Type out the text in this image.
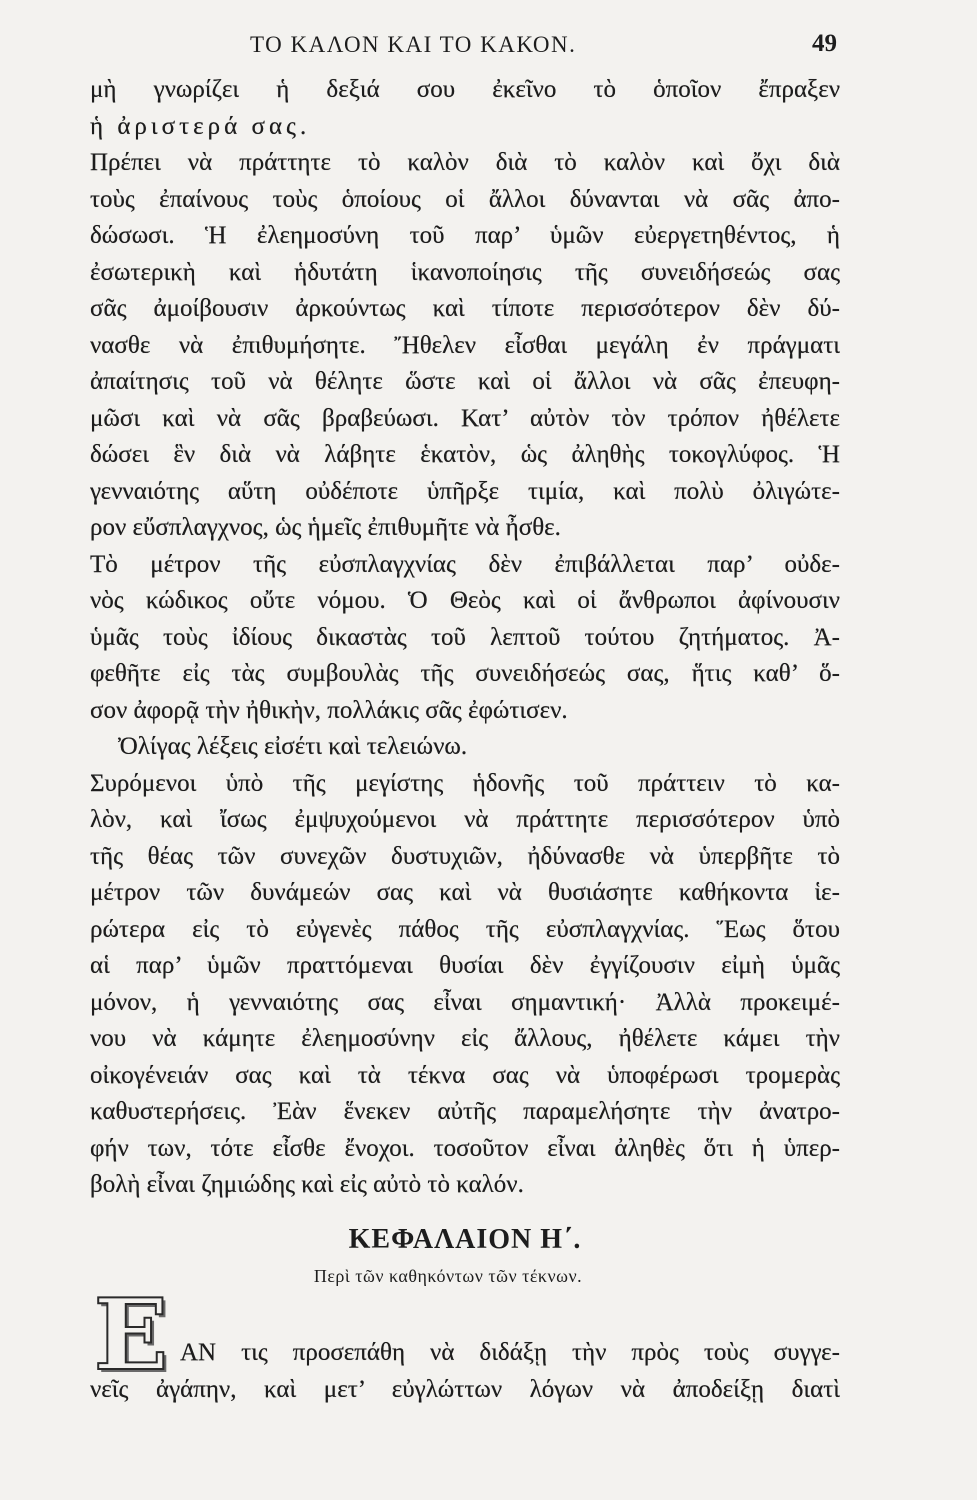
ΤΟ ΚΑΛΟΝ ΚΑΙ ΤΟ ΚΑΚΟΝ.	49
μὴ γνωρίζει ἡ δεξιά σου ἐκεῖνο τὸ ὁποῖον ἔπραξεν
ἡ ἀριστερά σας.
Πρέπει νὰ πράττητε τὸ καλὸν διὰ τὸ καλὸν καὶ ὄχι διὰ
τοὺς ἐπαίνους τοὺς ὁποίους οἱ ἄλλοι δύνανται νὰ σᾶς ἀπο-
δώσωσι. Ἡ ἐλεημοσύνη τοῦ παρ’ ὑμῶν εὐεργετηθέντος, ἡ
ἐσωτερικὴ καὶ ἡδυτάτη ἱκανοποίησις τῆς συνειδήσεώς σας
σᾶς ἀμοίβουσιν ἀρκούντως καὶ τίποτε περισσότερον δὲν δύ-
νασθε νὰ ἐπιθυμήσητε. Ἤθελεν εἶσθαι μεγάλη ἐν πράγματι
ἀπαίτησις τοῦ νὰ θέλητε ὥστε καὶ οἱ ἄλλοι νὰ σᾶς ἐπευφη-
μῶσι καὶ νὰ σᾶς βραβεύωσι. Κατ’ αὐτὸν τὸν τρόπον ἠθέλετε
δώσει ἓν διὰ νὰ λάβητε ἑκατὸν, ὡς ἀληθὴς τοκογλύφος. Ἡ
γενναιότης αὕτη οὐδέποτε ὑπῆρξε τιμία, καὶ πολὺ ὀλιγώτε-
ρον εὔσπλαγχνος, ὡς ἡμεῖς ἐπιθυμῆτε νὰ ἦσθε.
Τὸ μέτρον τῆς εὐσπλαγχνίας δὲν ἐπιβάλλεται παρ’ οὐδε-
νὸς κώδικος οὔτε νόμου. Ὁ Θεὸς καὶ οἱ ἄνθρωποι ἀφίνουσιν
ὑμᾶς τοὺς ἰδίους δικαστὰς τοῦ λεπτοῦ τούτου ζητήματος. Ἀ-
φεθῆτε εἰς τὰς συμβουλὰς τῆς συνειδήσεώς σας, ἥτις καθ’ ὅ-
σον ἀφορᾷ τὴν ἠθικὴν, πολλάκις σᾶς ἐφώτισεν.
Ὀλίγας λέξεις εἰσέτι καὶ τελειώνω.
Συρόμενοι ὑπὸ τῆς μεγίστης ἡδονῆς τοῦ πράττειν τὸ κα-
λὸν, καὶ ἴσως ἐμψυχούμενοι νὰ πράττητε περισσότερον ὑπὸ
τῆς θέας τῶν συνεχῶν δυστυχιῶν, ἠδύνασθε νὰ ὑπερβῆτε τὸ
μέτρον τῶν δυνάμεών σας καὶ νὰ θυσιάσητε καθήκοντα ἱε-
ρώτερα εἰς τὸ εὐγενὲς πάθος τῆς εὐσπλαγχνίας. Ἕως ὅτου
αἱ παρ’ ὑμῶν πραττόμεναι θυσίαι δὲν ἐγγίζουσιν εἰμὴ ὑμᾶς
μόνον, ἡ γενναιότης σας εἶναι σημαντική· Ἀλλὰ προκειμέ-
νου νὰ κάμητε ἐλεημοσύνην εἰς ἄλλους, ἠθέλετε κάμει τὴν
οἰκογένειάν σας καὶ τὰ τέκνα σας νὰ ὑποφέρωσι τρομερὰς
καθυστερήσεις. Ἐὰν ἕνεκεν αὐτῆς παραμελήσητε τὴν ἀνατρο-
φήν των, τότε εἶσθε ἔνοχοι. τοσοῦτον εἶναι ἀληθὲς ὅτι ἡ ὑπερ-
βολὴ εἶναι ζημιώδης καὶ εἰς αὐτὸ τὸ καλόν.
ΚΕΦΑΛΑΙΟΝ Η΄.
Περὶ τῶν καθηκόντων τῶν τέκνων.
Ε ΑΝ τις προσεπάθη νὰ διδάξῃ τὴν πρὸς τοὺς συγγε-
νεῖς ἀγάπην, καὶ μετ’ εὐγλώττων λόγων νὰ ἀποδείξῃ διατὶ
